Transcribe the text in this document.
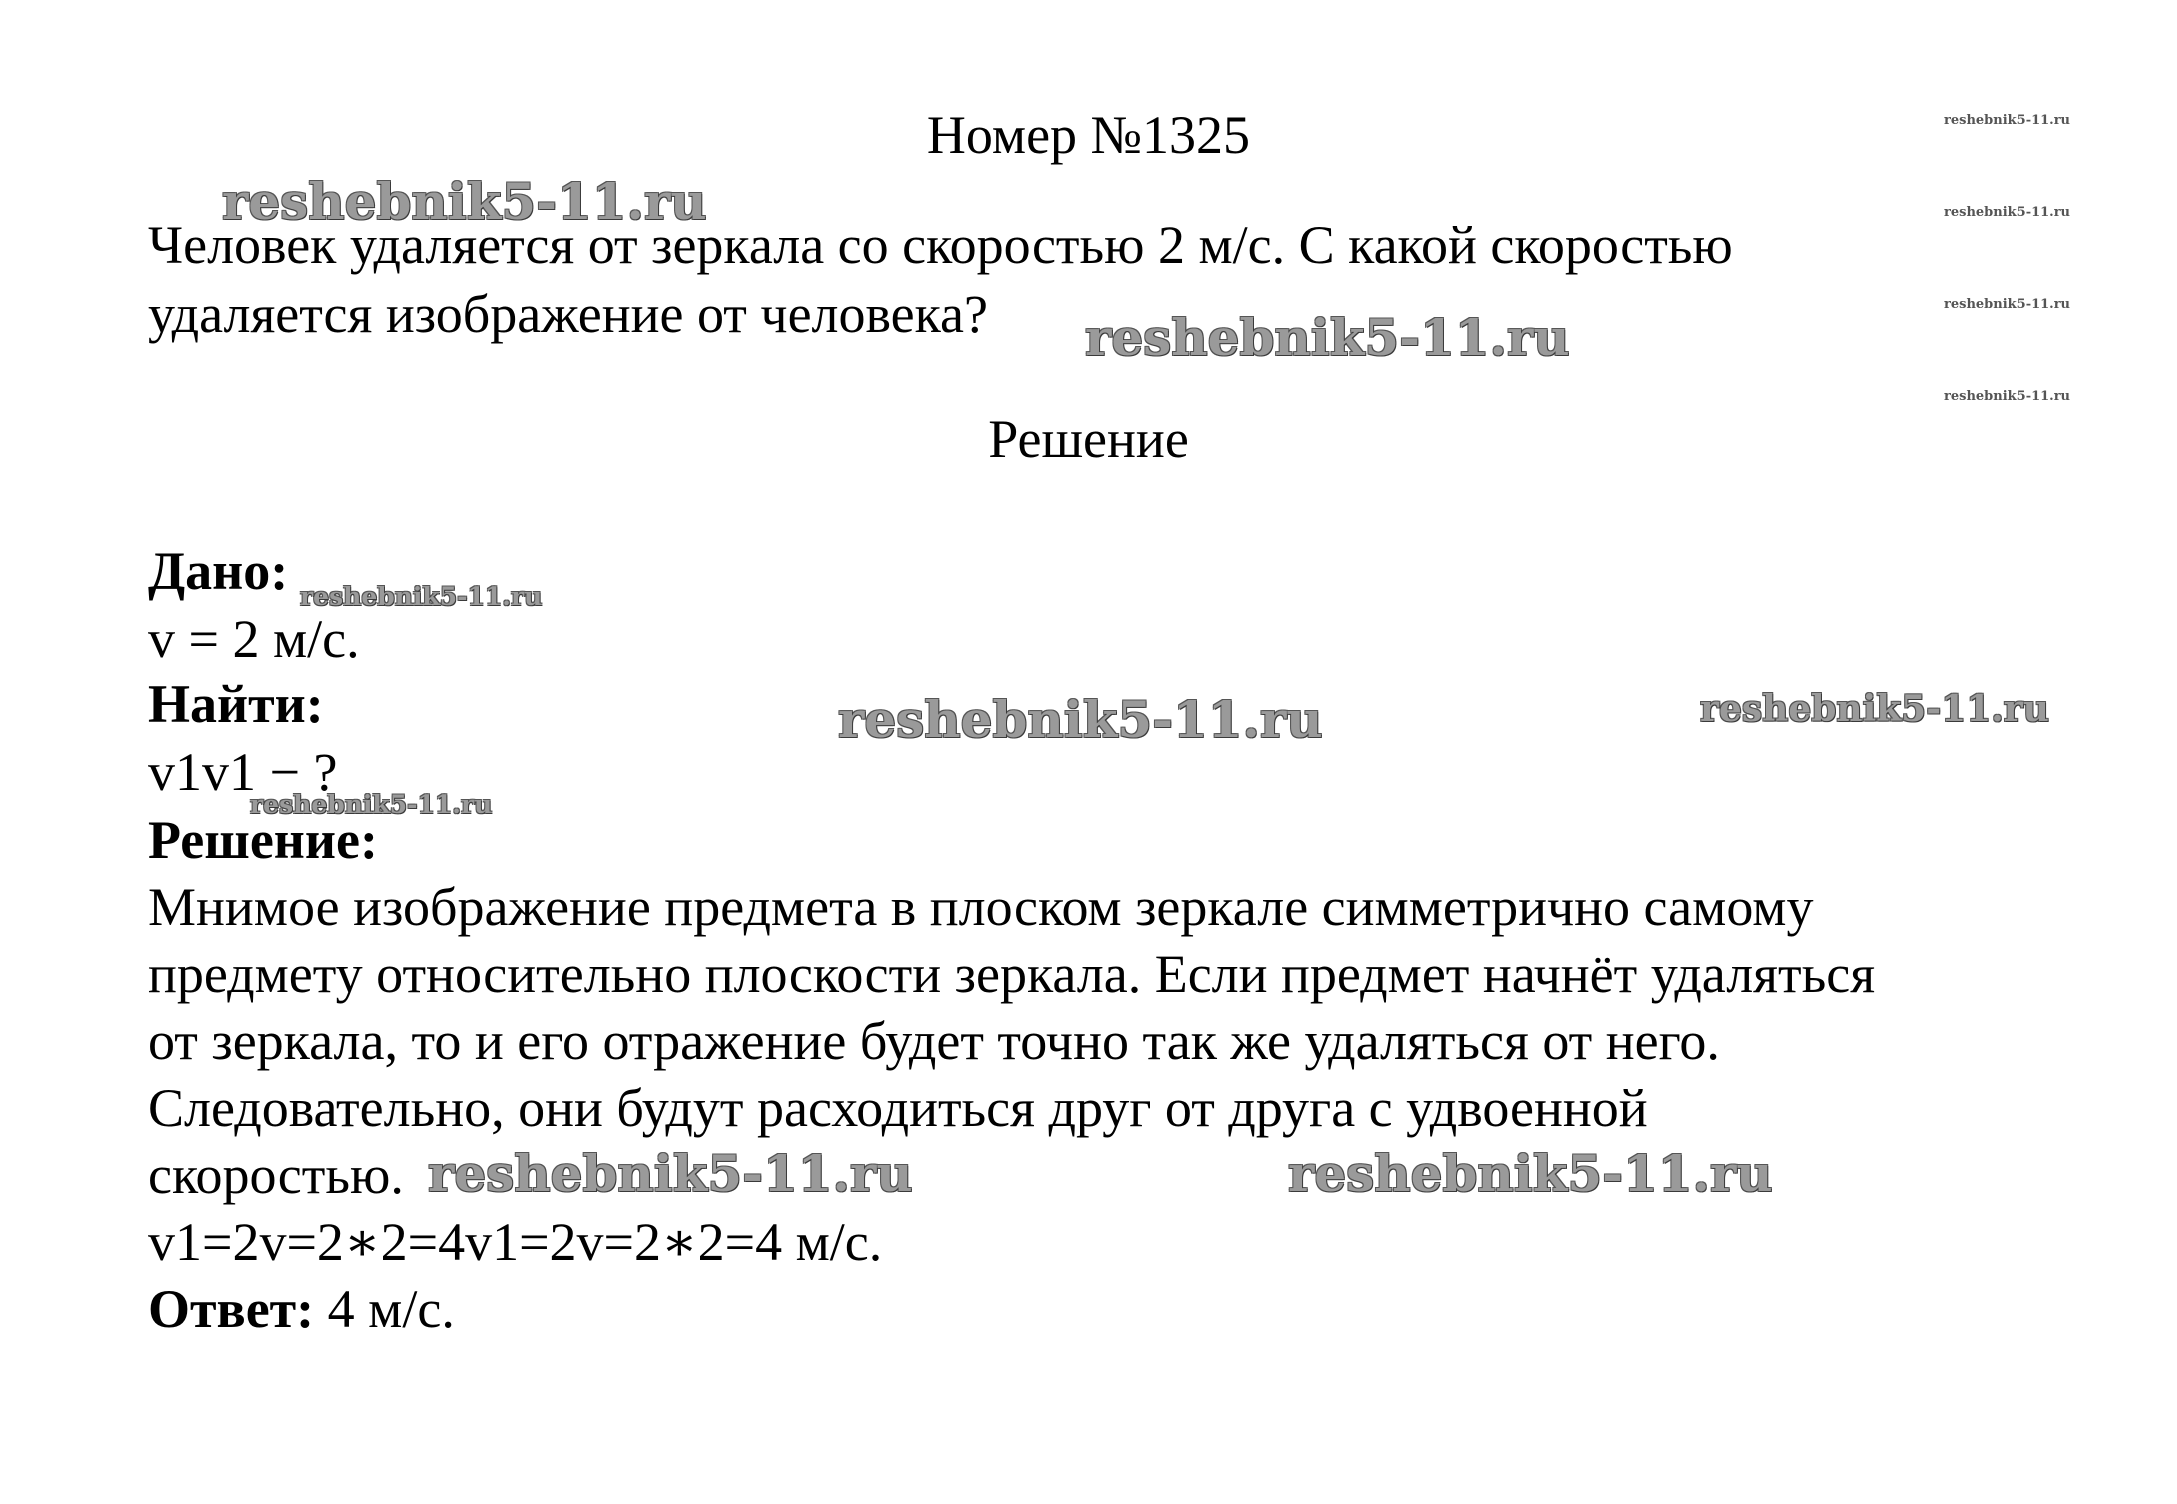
Номер №1325
Человек удаляется от зеркала со скоростью 2 м/с. С какой скоростью
удаляется изображение от человека?
Решение
Дано:
v = 2 м/с.
Найти:
v1v1 − ?
Решение:
Мнимое изображение предмета в плоском зеркале симметрично самому
предмету относительно плоскости зеркала. Если предмет начнёт удаляться
от зеркала, то и его отражение будет точно так же удаляться от него.
Следовательно, они будут расходиться друг от друга с удвоенной
скоростью.
v1=2v=2∗2=4v1=2v=2∗2=4 м/с.
Ответ: 4 м/с.
reshebnik5-11.ru
reshebnik5-11.ru
reshebnik5-11.ru	reshebnik5-11.ru
reshebnik5-11.ru	reshebnik5-11.ru
reshebnik5-11.ru
reshebnik5-11.ru
reshebnik5-11.ru
reshebnik5-11.ru
reshebnik5-11.ru
reshebnik5-11.ru
